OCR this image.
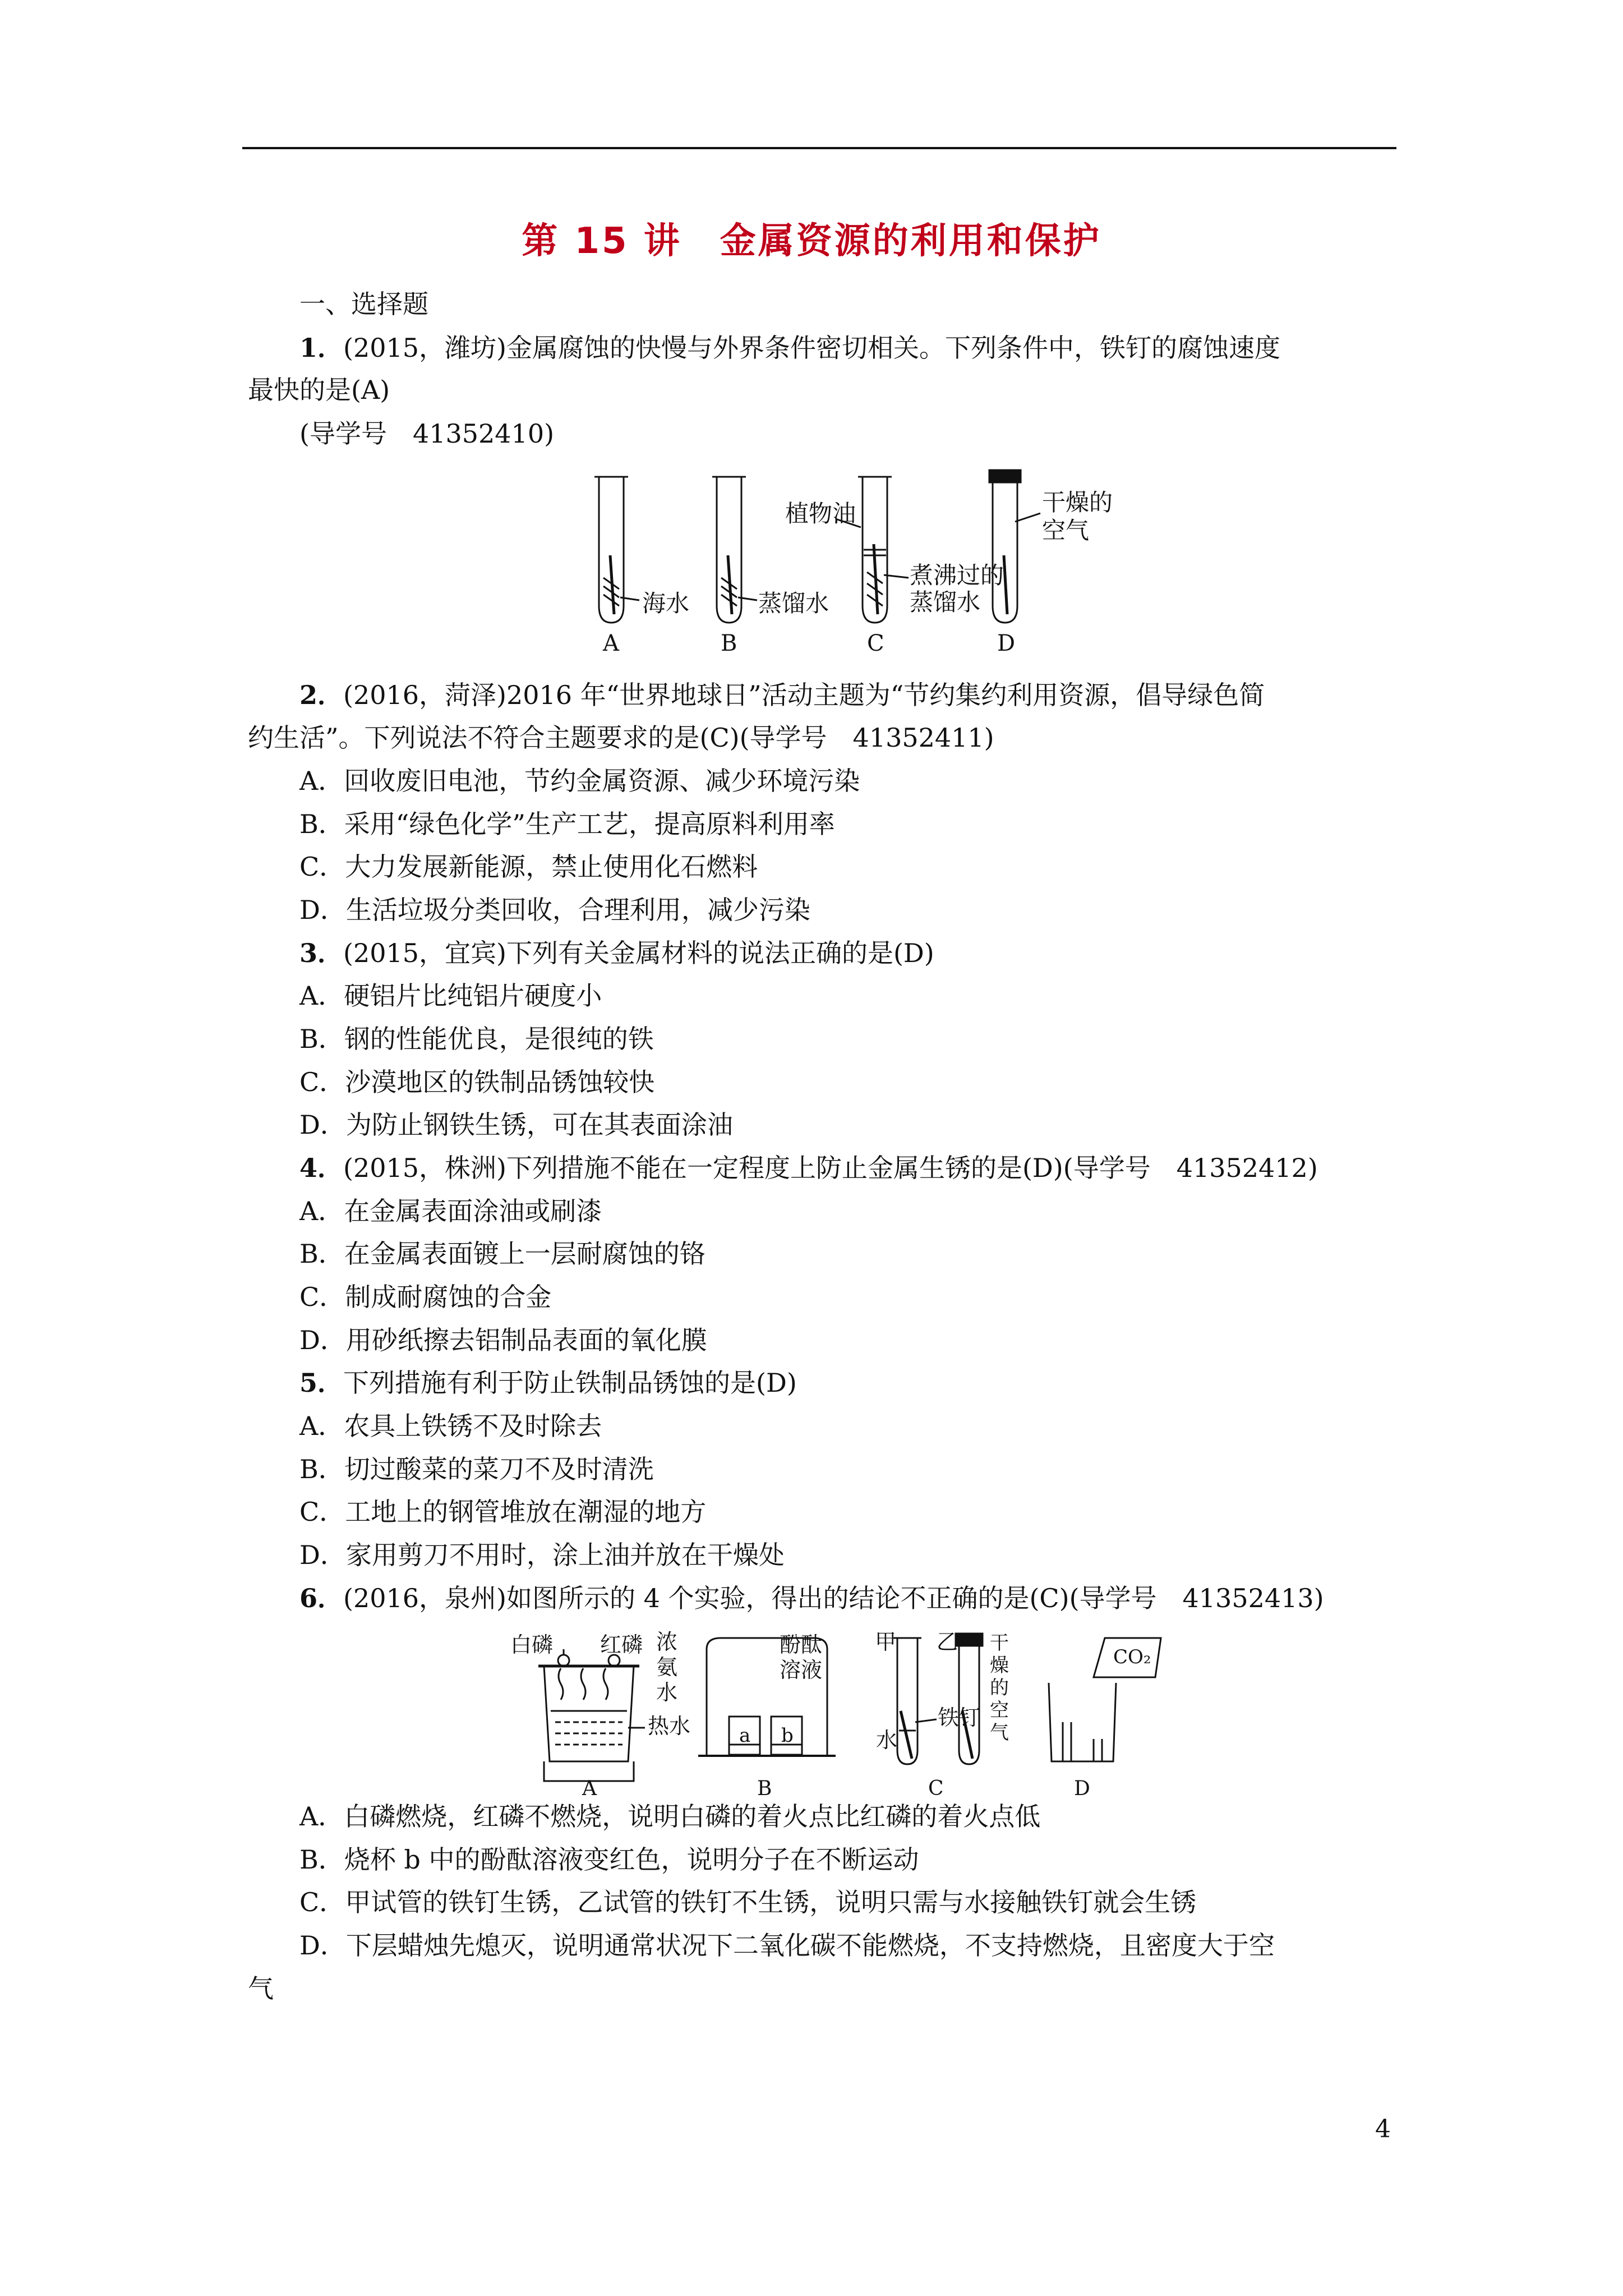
第 15 讲　金属资源的利用和保护
一、选择题
1．(2015，潍坊)金属腐蚀的快慢与外界条件密切相关。下列条件中，铁钉的腐蚀速度
最快的是(A)
(导学号　41352410)
海水	蒸馏水
植物油
煮沸过的
蒸馏水
干燥的
空气
A	B	C	D
2．(2016，菏泽)2016 年“世界地球日”活动主题为“节约集约利用资源，倡导绿色简
约生活”。下列说法不符合主题要求的是(C)(导学号　41352411)
A．回收废旧电池，节约金属资源、减少环境污染
B．采用“绿色化学”生产工艺，提高原料利用率
C．大力发展新能源，禁止使用化石燃料
D．生活垃圾分类回收，合理利用，减少污染
3．(2015，宜宾)下列有关金属材料的说法正确的是(D)
A．硬铝片比纯铝片硬度小
B．钢的性能优良，是很纯的铁
C．沙漠地区的铁制品锈蚀较快
D．为防止钢铁生锈，可在其表面涂油
4．(2015，株洲)下列措施不能在一定程度上防止金属生锈的是(D)(导学号　41352412)
A．在金属表面涂油或刷漆
B．在金属表面镀上一层耐腐蚀的铬
C．制成耐腐蚀的合金
D．用砂纸擦去铝制品表面的氧化膜
5．下列措施有利于防止铁制品锈蚀的是(D)
A．农具上铁锈不及时除去
B．切过酸菜的菜刀不及时清洗
C．工地上的钢管堆放在潮湿的地方
D．家用剪刀不用时，涂上油并放在干燥处
6．(2016，泉州)如图所示的 4 个实验，得出的结论不正确的是(C)(导学号　41352413)
白磷 红磷
热水
浓
氨
水
酚酞
溶液
a b
甲 乙
水
铁钉
干
燥
的
空
气
CO₂
A	B	C	D
A．白磷燃烧，红磷不燃烧，说明白磷的着火点比红磷的着火点低
B．烧杯 b 中的酚酞溶液变红色，说明分子在不断运动
C．甲试管的铁钉生锈，乙试管的铁钉不生锈，说明只需与水接触铁钉就会生锈
D．下层蜡烛先熄灭，说明通常状况下二氧化碳不能燃烧，不支持燃烧，且密度大于空
气
4
